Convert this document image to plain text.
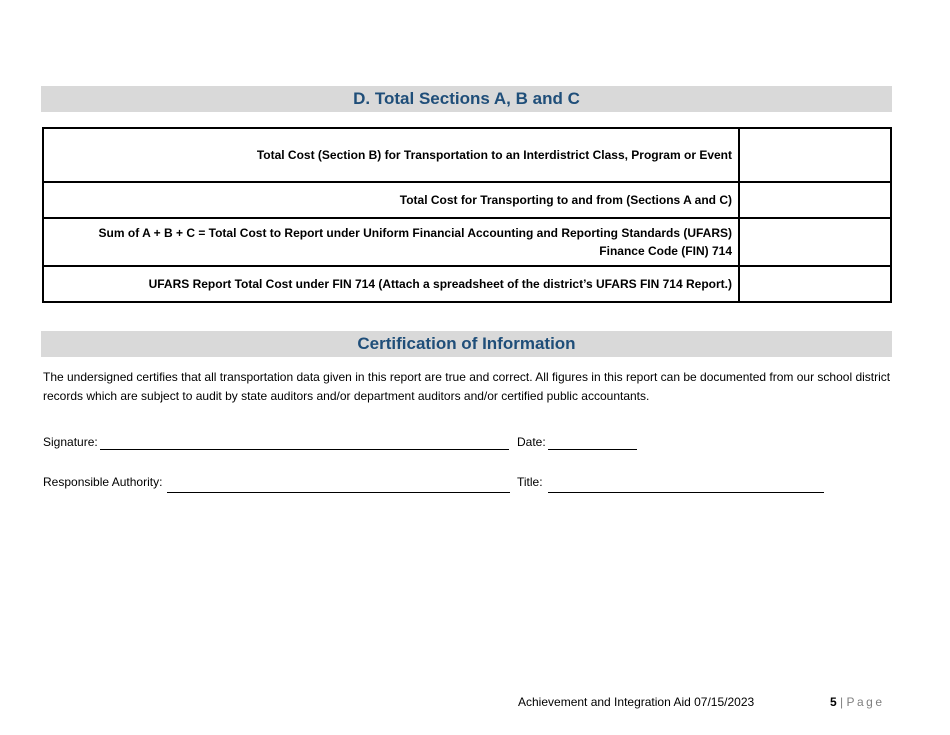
D. Total Sections A, B and C
Total Cost (Section B) for Transportation to an Interdistrict Class, Program or Event	
Total Cost for Transporting to and from (Sections A and C)	
Sum of A + B + C = Total Cost to Report under Uniform Financial Accounting and Reporting Standards (UFARS) Finance Code (FIN) 714	
UFARS Report Total Cost under FIN 714 (Attach a spreadsheet of the district’s UFARS FIN 714 Report.)	
Certification of Information
The undersigned certifies that all transportation data given in this report are true and correct. All figures in this report can be documented from our school district records which are subject to audit by state auditors and/or department auditors and/or certified public accountants.
Signature:	Date:
Responsible Authority:	Title:
Achievement and Integration Aid 07/15/2023	5 | Page
